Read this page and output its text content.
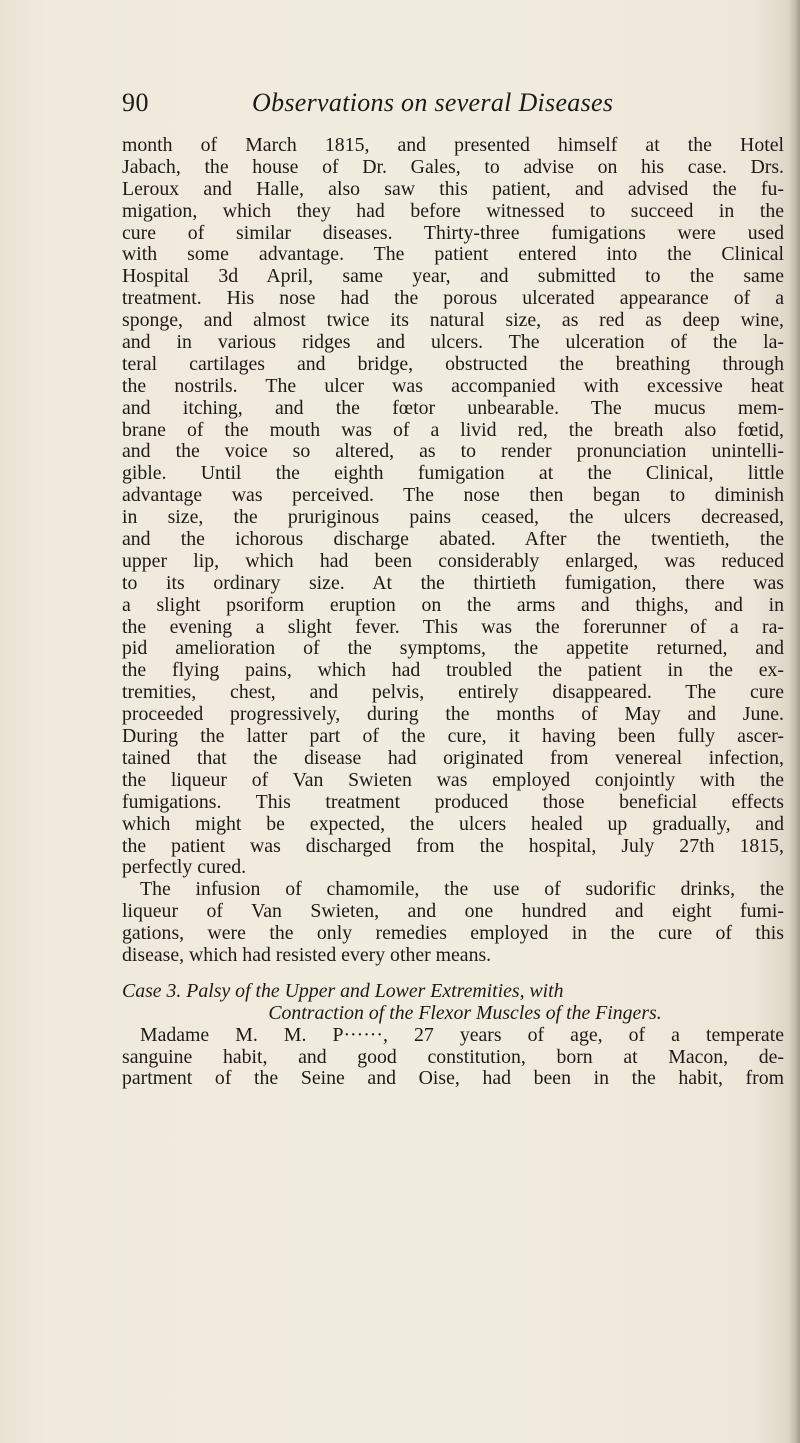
90	Observations on several Diseases
month of March 1815, and presented himself at the Hotel
Jabach, the house of Dr. Gales, to advise on his case. Drs.
Leroux and Halle, also saw this patient, and advised the fu-
migation, which they had before witnessed to succeed in the
cure of similar diseases. Thirty-three fumigations were used
with some advantage. The patient entered into the Clinical
Hospital 3d April, same year, and submitted to the same
treatment. His nose had the porous ulcerated appearance of a
sponge, and almost twice its natural size, as red as deep wine,
and in various ridges and ulcers. The ulceration of the la-
teral cartilages and bridge, obstructed the breathing through
the nostrils. The ulcer was accompanied with excessive heat
and itching, and the fœtor unbearable. The mucus mem-
brane of the mouth was of a livid red, the breath also fœtid,
and the voice so altered, as to render pronunciation unintelli-
gible. Until the eighth fumigation at the Clinical, little
advantage was perceived. The nose then began to diminish
in size, the pruriginous pains ceased, the ulcers decreased,
and the ichorous discharge abated. After the twentieth, the
upper lip, which had been considerably enlarged, was reduced
to its ordinary size. At the thirtieth fumigation, there was
a slight psoriform eruption on the arms and thighs, and in
the evening a slight fever. This was the forerunner of a ra-
pid amelioration of the symptoms, the appetite returned, and
the flying pains, which had troubled the patient in the ex-
tremities, chest, and pelvis, entirely disappeared. The cure
proceeded progressively, during the months of May and June.
During the latter part of the cure, it having been fully ascer-
tained that the disease had originated from venereal infection,
the liqueur of Van Swieten was employed conjointly with the
fumigations. This treatment produced those beneficial effects
which might be expected, the ulcers healed up gradually, and
the patient was discharged from the hospital, July 27th 1815,
perfectly cured.
The infusion of chamomile, the use of sudorific drinks, the
liqueur of Van Swieten, and one hundred and eight fumi-
gations, were the only remedies employed in the cure of this
disease, which had resisted every other means.
Case 3. Palsy of the Upper and Lower Extremities, with
Contraction of the Flexor Muscles of the Fingers.
Madame M. M. P······, 27 years of age, of a temperate
sanguine habit, and good constitution, born at Macon, de-
partment of the Seine and Oise, had been in the habit, from
